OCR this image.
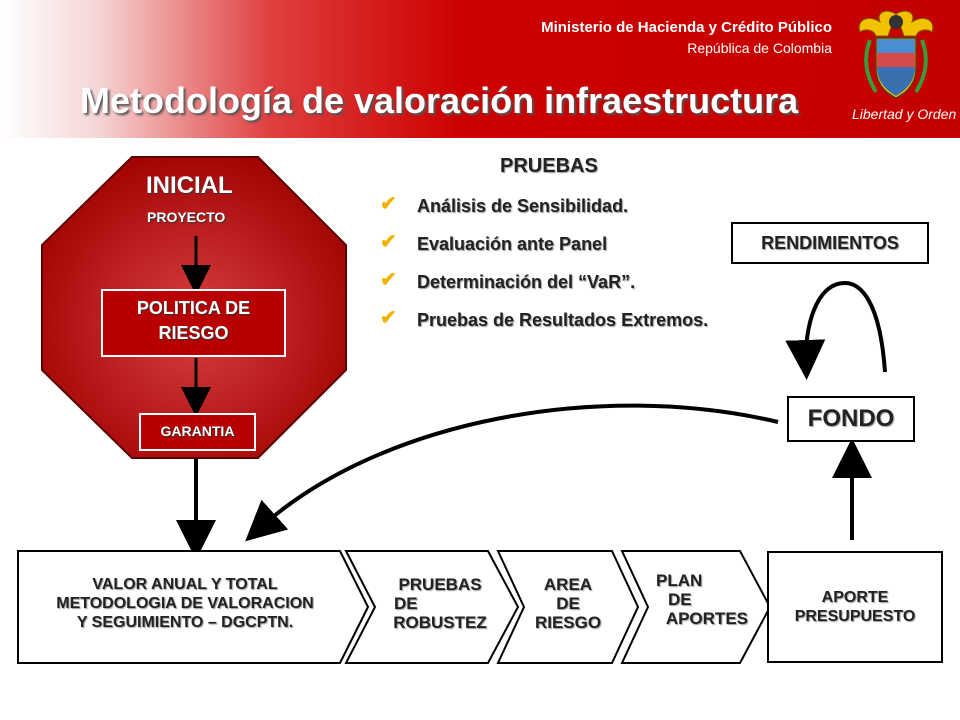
Ministerio de Hacienda y Crédito Público
República de Colombia
Metodología de valoración infraestructura	Libertad y Orden
INICIAL
PROYECTO
POLITICA DE
RIESGO
GARANTIA
PRUEBAS
✔ Análisis de Sensibilidad.
✔ Evaluación ante Panel
✔ Determinación del “VaR”.
✔ Pruebas de Resultados Extremos.
RENDIMIENTOS
FONDO
VALOR ANUAL Y TOTAL
METODOLOGIA DE VALORACION
Y SEGUIMIENTO – DGCPTN.
PRUEBAS
DE
ROBUSTEZ
AREA
DE
RIESGO
PLAN
DE
APORTES
APORTE
PRESUPUESTO
